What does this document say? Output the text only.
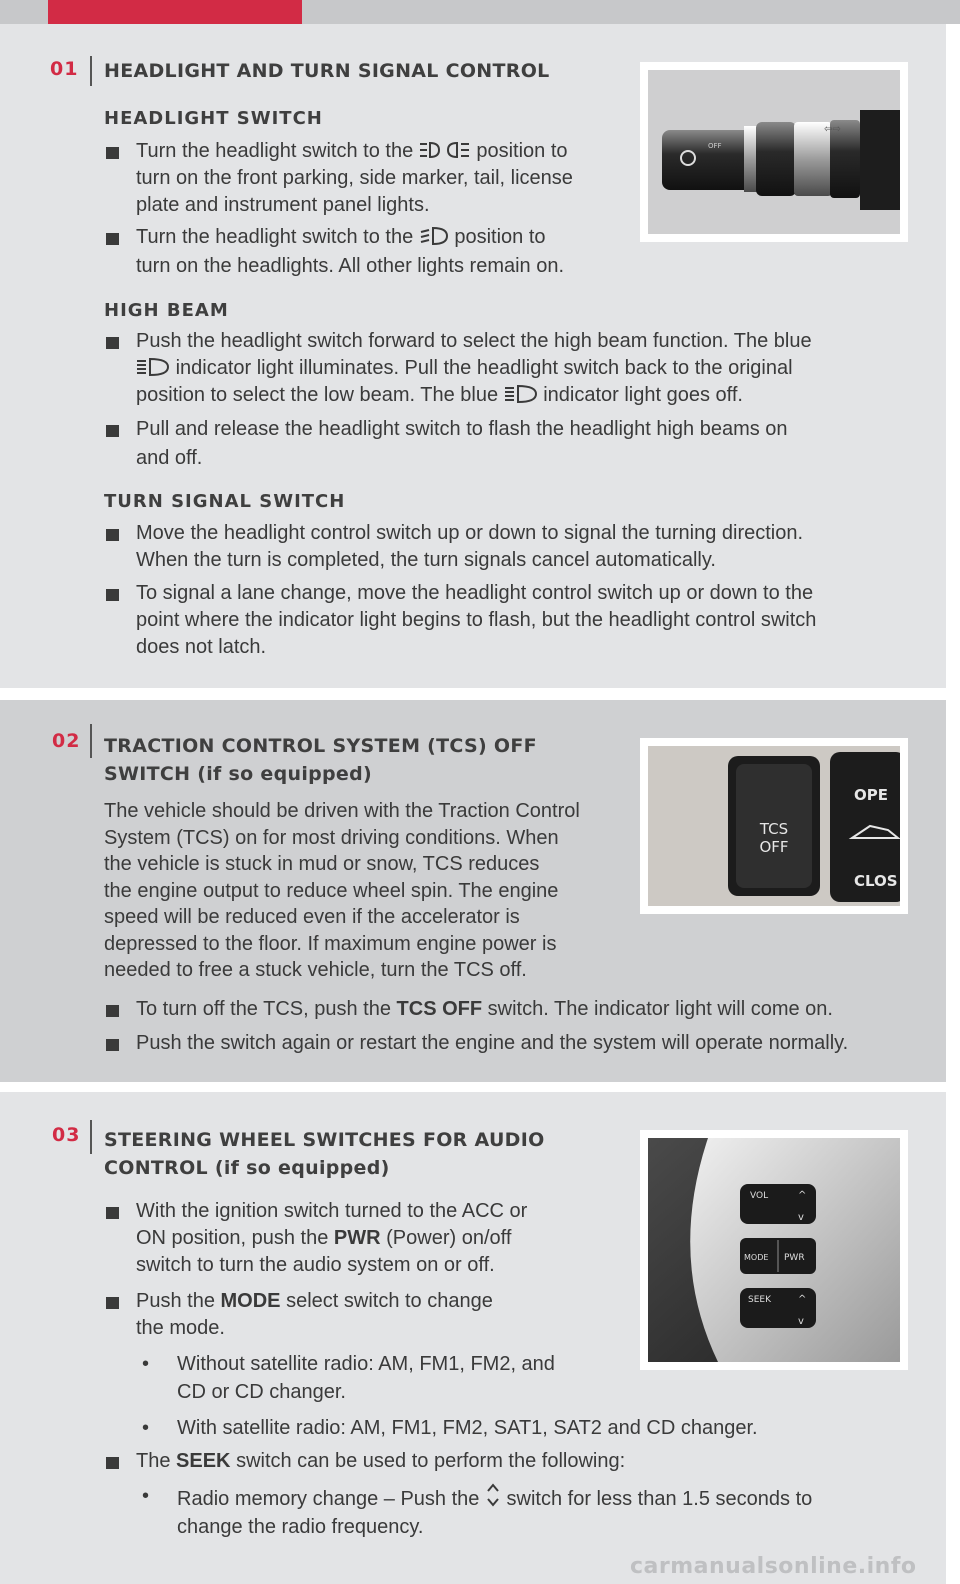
01 HEADLIGHT AND TURN SIGNAL CONTROL
HEADLIGHT SWITCH
Turn the headlight switch to the	position to
turn on the front parking, side marker, tail, license
plate and instrument panel lights.
Turn the headlight switch to the position to
turn on the headlights. All other lights remain on.
OFF
⇦⇨
HIGH BEAM
Push the headlight switch forward to select the high beam function. The blue
indicator light illuminates. Pull the headlight switch back to the original
position to select the low beam. The blue indicator light goes off.
Pull and release the headlight switch to flash the headlight high beams on
and off.
TURN SIGNAL SWITCH
Move the headlight control switch up or down to signal the turning direction.
When the turn is completed, the turn signals cancel automatically.
To signal a lane change, move the headlight control switch up or down to the
point where the indicator light begins to flash, but the headlight control switch
does not latch.
02 TRACTION CONTROL SYSTEM (TCS) OFF
SWITCH (if so equipped)
The vehicle should be driven with the Traction Control
System (TCS) on for most driving conditions. When
the vehicle is stuck in mud or snow, TCS reduces
the engine output to reduce wheel spin. The engine
speed will be reduced even if the accelerator is
depressed to the floor. If maximum engine power is
needed to free a stuck vehicle, turn the TCS off.
TCS
OFF
OPE
CLOS
To turn off the TCS, push the TCS OFF switch. The indicator light will come on.
Push the switch again or restart the engine and the system will operate normally.
03 STEERING WHEEL SWITCHES FOR AUDIO
CONTROL (if so equipped)
VOL	^
v
MODE PWR
SEEK	^
v
With the ignition switch turned to the ACC or
ON position, push the PWR (Power) on/off
switch to turn the audio system on or off.
Push the MODE select switch to change
the mode.
• Without satellite radio: AM, FM1, FM2, and
CD or CD changer.
• With satellite radio: AM, FM1, FM2, SAT1, SAT2 and CD changer.
The SEEK switch can be used to perform the following:
• Radio memory change – Push the switch for less than 1.5 seconds to
change the radio frequency.
carmanualsonline.info
